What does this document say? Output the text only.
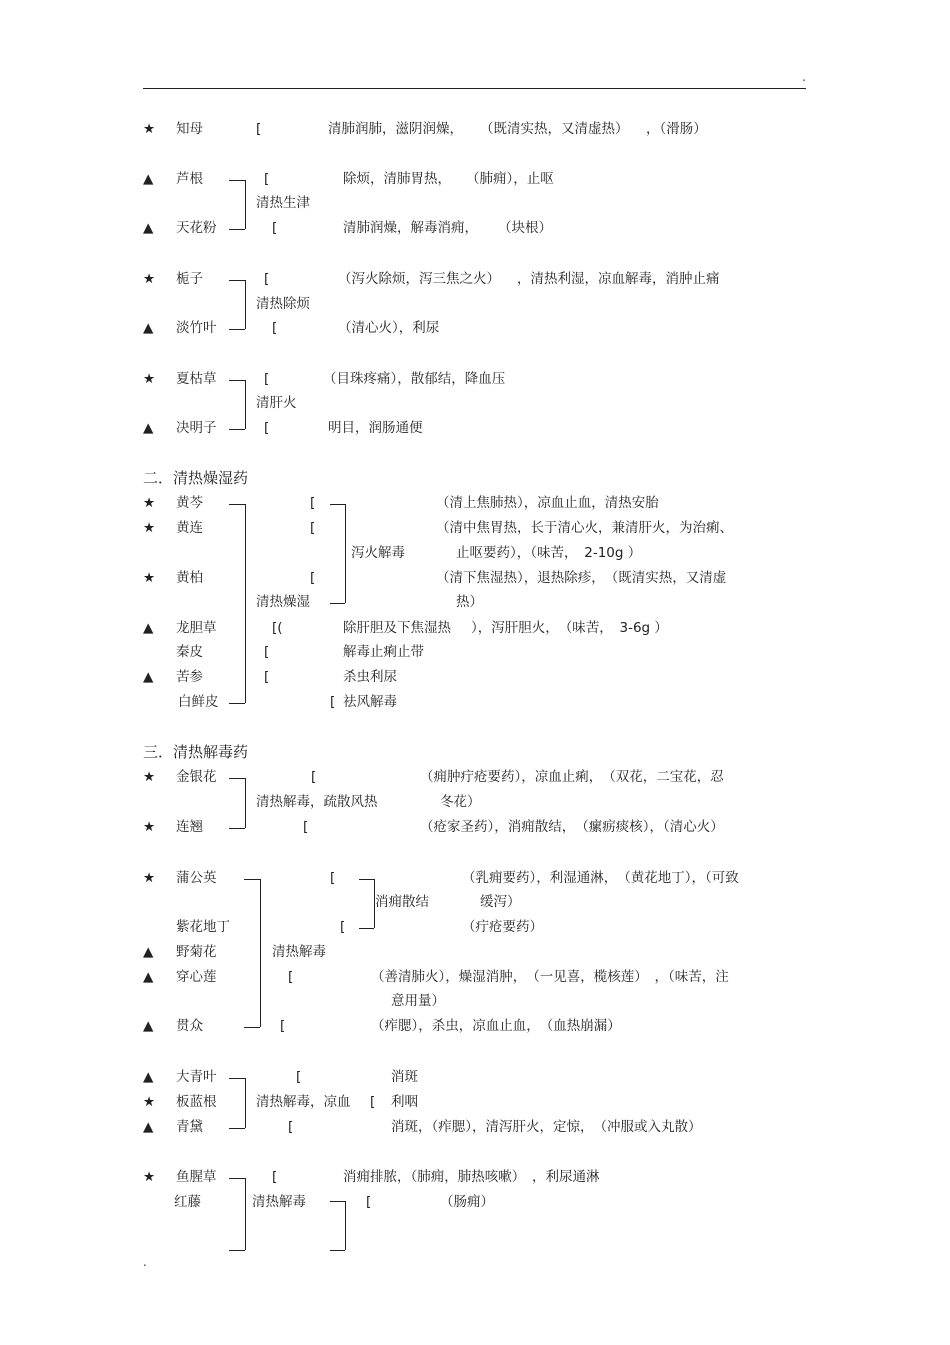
.
★ 知母	[	清肺润肺，滋阴润燥， （既清实热，又清虚热） ，（滑肠）
▲ 芦根	[	除烦，清肺胃热， （肺痈），止呕
清热生津
▲ 天花粉	[	清肺润燥，解毒消痈， （块根）
★ 栀子	[	（泻火除烦，泻三焦之火） ，清热利湿，凉血解毒，消肿止痛
清热除烦
▲ 淡竹叶	[	（清心火），利尿
★ 夏枯草	[	（目珠疼痛），散郁结，降血压
清肝火
▲ 决明子	[	明目，润肠通便
二．清热燥湿药
★ 黄芩	[	（清上焦肺热），凉血止血，清热安胎
★ 黄连	[	（清中焦胃热，长于清心火，兼清肝火，为治痢、
止呕要药），（味苦，　2-10g ）
泻火解毒
★ 黄柏	[	（清下焦湿热），退热除疹，　（既清实热，又清虚
热）
清热燥湿
▲ 龙胆草	[(	除肝胆及下焦湿热 ），泻肝胆火，　（味苦，　3-6g ）
秦皮	[	解毒止痢止带
▲ 苦参	[	杀虫利尿
白鲜皮	[ 祛风解毒
三．清热解毒药
★ 金银花	[	（痈肿疔疮要药），凉血止痢，　（双花，二宝花，忍
冬花）
清热解毒，疏散风热
★ 连翘	[	（疮家圣药），消痈散结，　（瘰疬痰核），（清心火）
★ 蒲公英	[	（乳痈要药），利湿通淋，　（黄花地丁），（可致
缓泻）
消痈散结
紫花地丁	[	（疔疮要药）
▲ 野菊花	清热解毒
▲ 穿心莲	[	（善清肺火），燥湿消肿，　（一见喜，榄核莲）　，（味苦，注
意用量）
▲ 贯众	[	（痄腮），杀虫，凉血止血，　（血热崩漏）
▲ 大青叶	[	消斑
★ 板蓝根	清热解毒，凉血 [ 利咽
▲ 青黛	[	消斑，（痄腮），清泻肝火，定惊，　（冲服或入丸散）
★ 鱼腥草	[	消痈排脓，（肺痈，肺热咳嗽）　，利尿通淋
红藤	清热解毒	[	（肠痈）
.
